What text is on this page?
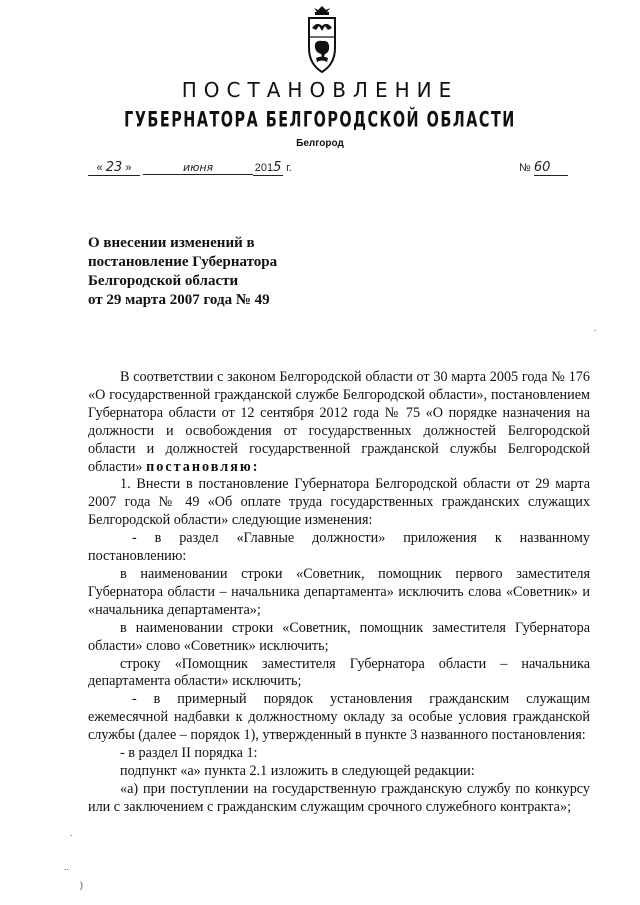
ПОСТАНОВЛЕНИЕ
ГУБЕРНАТОРА БЕЛГОРОДСКОЙ ОБЛАСТИ
Белгород
« 23 »	июня	2015 г.	№ 60
О внесении изменений в
постановление Губернатора
Белгородской области
от 29 марта 2007 года № 49

В соответствии с законом Белгородской области от 30 марта 2005 года № 176 «О государственной гражданской службе Белгородской области», постановлением Губернатора области от 12 сентября 2012 года № 75 «О порядке назначения на должности и освобождения от государственных должностей Белгородской области и должностей государственной гражданской службы Белгородской области» постановляю:

1. Внести в постановление Губернатора Белгородской области от 29 марта 2007 года № 49 «Об оплате труда государственных гражданских служащих Белгородской области» следующие изменения:

- в раздел «Главные должности» приложения к названному постановлению:

в наименовании строки «Советник, помощник первого заместителя Губернатора области – начальника департамента» исключить слова «Советник» и «начальника департамента»;

в наименовании строки «Советник, помощник заместителя Губернатора области» слово «Советник» исключить;

строку «Помощник заместителя Губернатора области – начальника департамента области» исключить;

- в примерный порядок установления гражданским служащим ежемесячной надбавки к должностному окладу за особые условия гражданской службы (далее – порядок 1), утвержденный в пункте 3 названного постановления:

- в раздел II порядка 1:

подпункт «а» пункта 2.1 изложить в следующей редакции:

«а) при поступлении на государственную гражданскую службу по конкурсу или с заключением с гражданским служащим срочного служебного контракта»;

.
.
..
)
